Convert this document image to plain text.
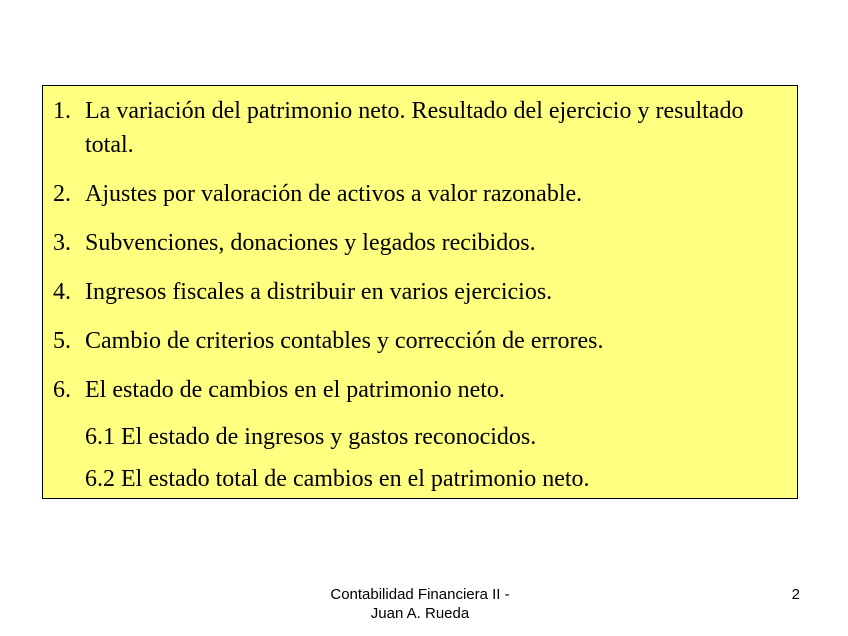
1. La variación del patrimonio neto. Resultado del ejercicio y resultado total.
2. Ajustes por valoración de activos a valor razonable.
3. Subvenciones, donaciones y legados recibidos.
4. Ingresos fiscales a distribuir en varios ejercicios.
5. Cambio de criterios contables y corrección de errores.
6. El estado de cambios en el patrimonio neto.
6.1 El estado de ingresos y gastos reconocidos.
6.2 El estado total de cambios en el patrimonio neto.
Contabilidad Financiera II -
Juan A. Rueda
2
